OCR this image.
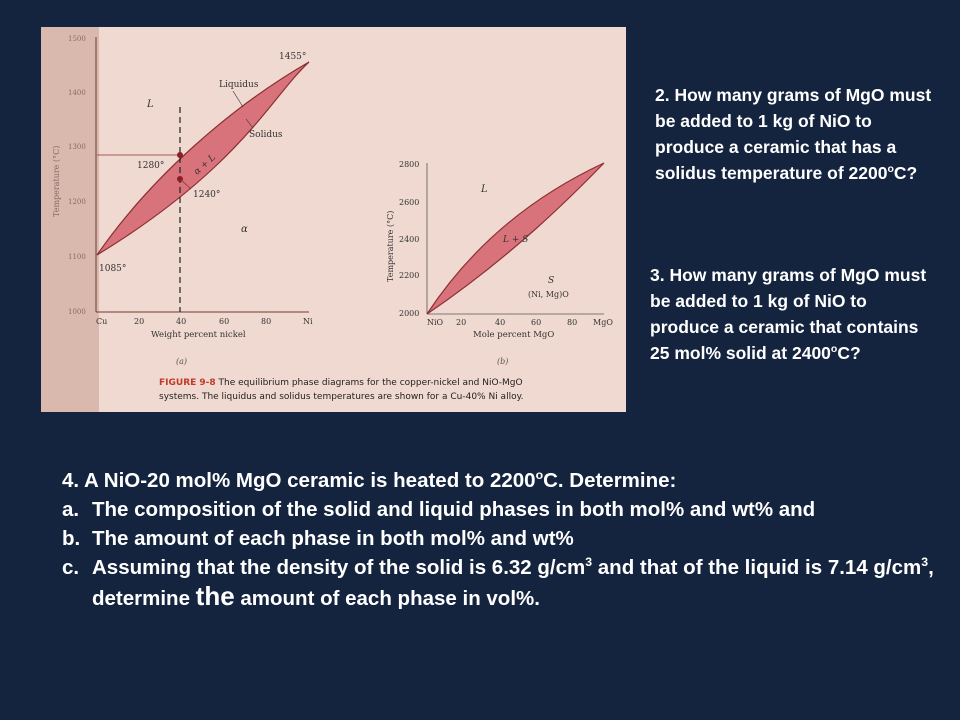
1500
1400
1300
1200
1100
1000
Temperature (°C)
1455°
1280°
1240°
1085°
Liquidus
Solidus
L
α + L
α
Cu	20	40	60	80	Ni
Weight percent nickel
(a)
2800
2600
2400
2200
2000
Temperature (°C)
L
L + S
S
(Ni, Mg)O
NiO 20	40	60	80 MgO
Mole percent MgO
(b)
FIGURE 9-8 The equilibrium phase diagrams for the copper-nickel and NiO-MgO
systems. The liquidus and solidus temperatures are shown for a Cu-40% Ni alloy.
2. How many grams of MgO must be added to 1 kg of NiO to produce a ceramic that has a solidus temperature of 2200$^o$C?
3. How many grams of MgO must be added to 1 kg of NiO to produce a ceramic that contains 25 mol% solid at 2400$^o$C?
4. A NiO-20 mol% MgO ceramic is heated to 2200$^o$C. Determine:
a. The composition of the solid and liquid phases in both mol% and wt% and
b. The amount of each phase in both mol% and wt%
c. Assuming that the density of the solid is 6.32 $g/cm^3$ and that of the liquid is 7.14 $g/cm^3$, determine the amount of each phase in vol%.
